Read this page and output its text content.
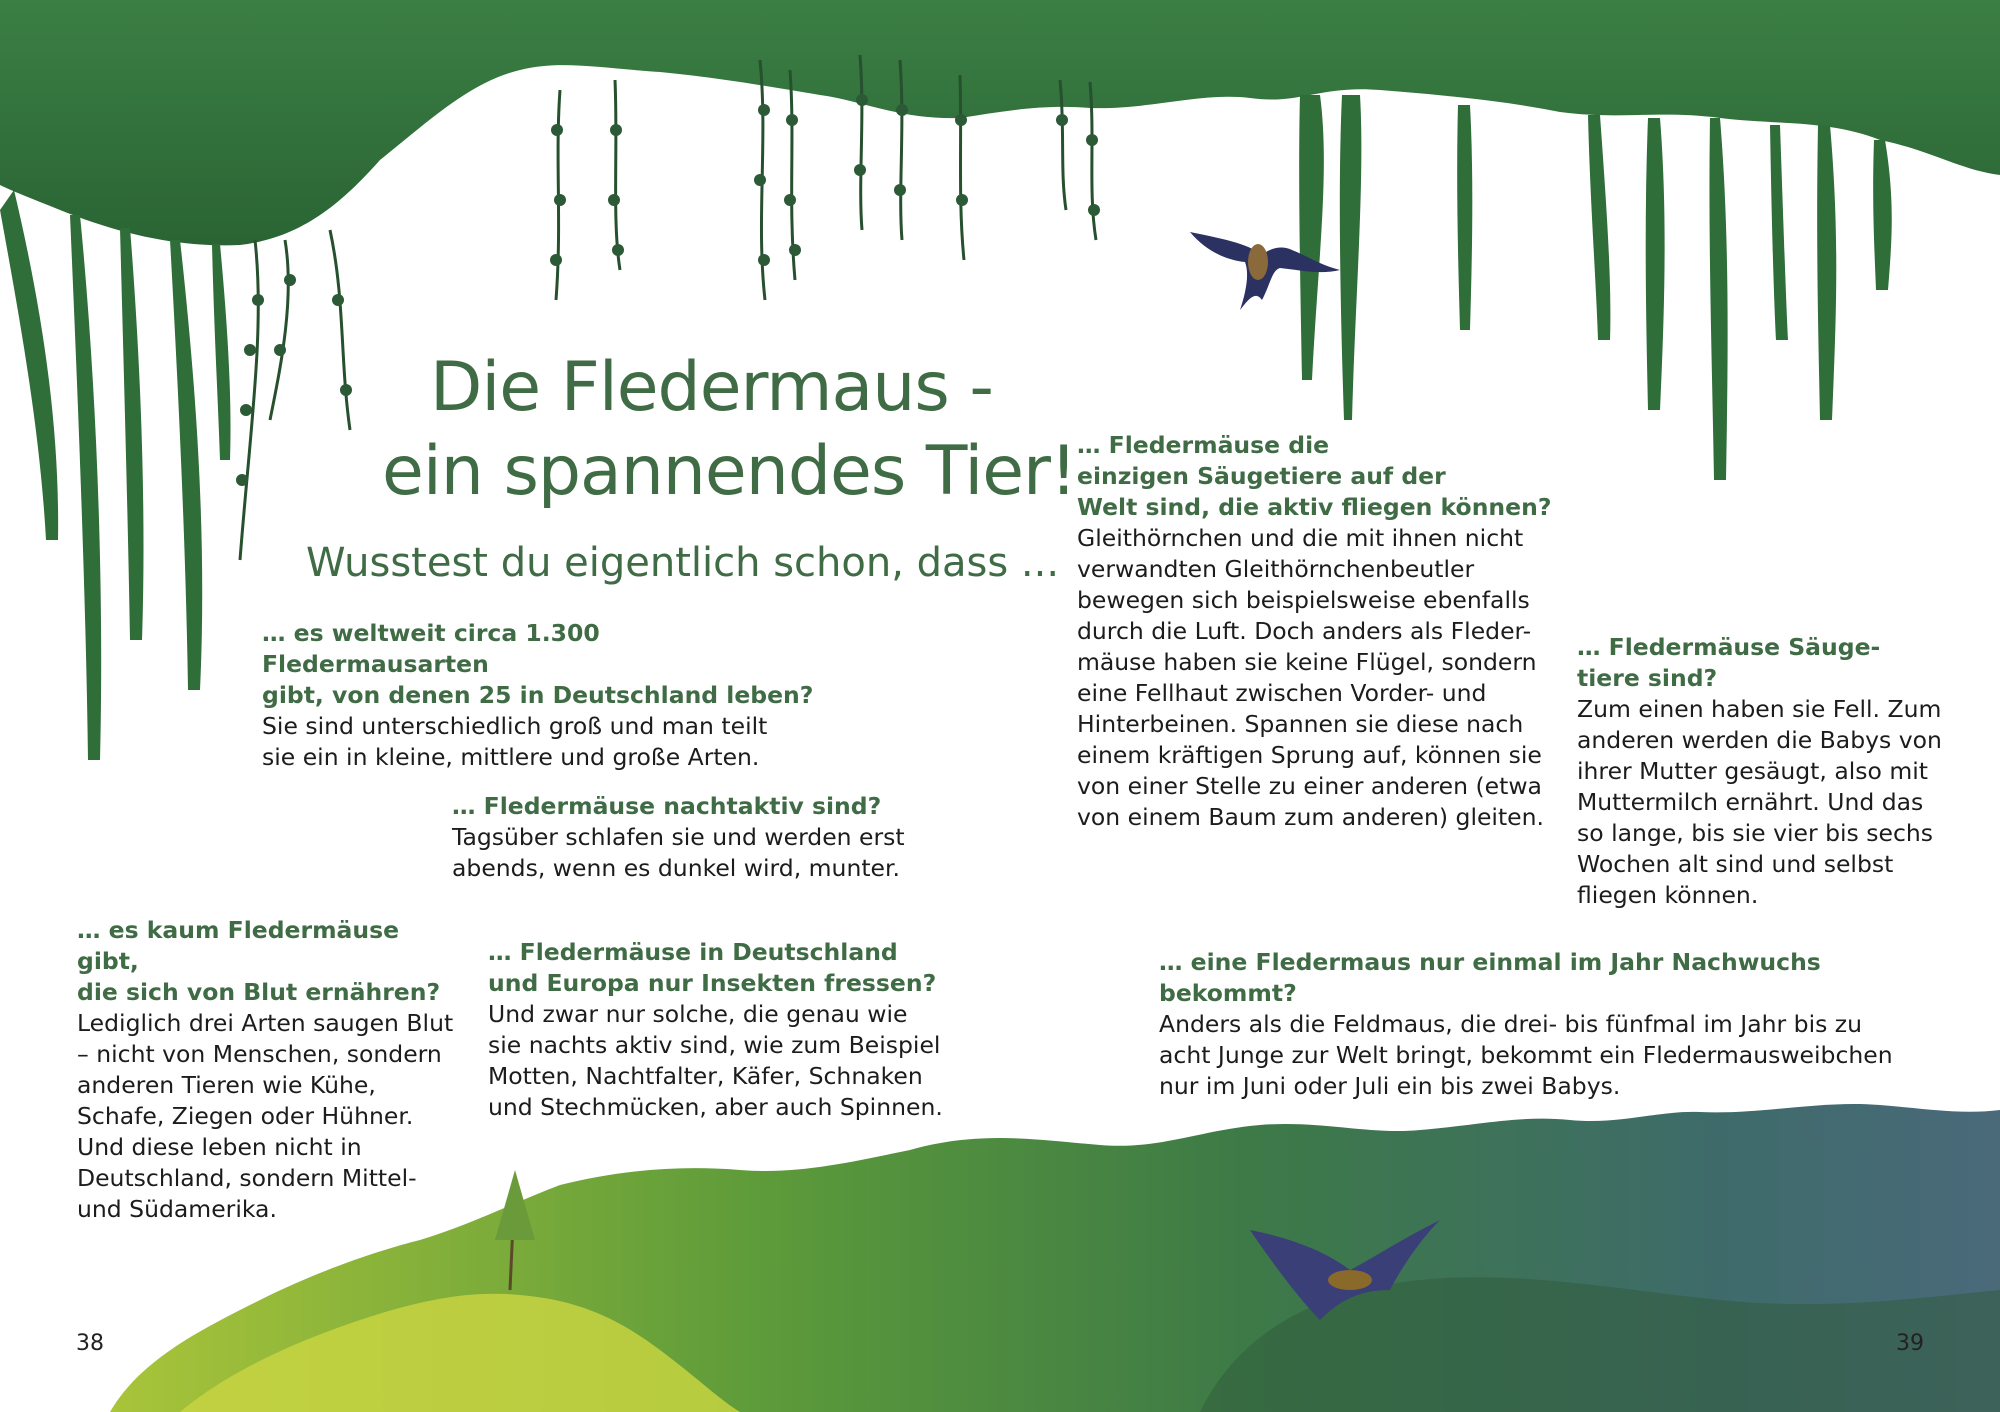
Die Fledermaus -
ein spannendes Tier!
Wusstest du eigentlich schon, dass ...
… es weltweit circa 1.300 Fledermausarten
gibt, von denen 25 in Deutschland leben?
Sie sind unterschiedlich groß und man teilt
sie ein in kleine, mittlere und große Arten.
… Fledermäuse nachtaktiv sind?
Tagsüber schlafen sie und werden erst
abends, wenn es dunkel wird, munter.
… es kaum Fledermäuse gibt,
die sich von Blut ernähren?
Lediglich drei Arten saugen Blut
– nicht von Menschen, sondern
anderen Tieren wie Kühe,
Schafe, Ziegen oder Hühner.
Und diese leben nicht in
Deutschland, sondern Mittel-
und Südamerika.
… Fledermäuse in Deutschland
und Europa nur Insekten fressen?
Und zwar nur solche, die genau wie
sie nachts aktiv sind, wie zum Beispiel
Motten, Nachtfalter, Käfer, Schnaken
und Stechmücken, aber auch Spinnen.
… Fledermäuse die
einzigen Säugetiere auf der
Welt sind, die aktiv fliegen können?
Gleithörnchen und die mit ihnen nicht
verwandten Gleithörnchenbeutler
bewegen sich beispielsweise ebenfalls
durch die Luft. Doch anders als Fleder-
mäuse haben sie keine Flügel, sondern
eine Fellhaut zwischen Vorder- und
Hinterbeinen. Spannen sie diese nach
einem kräftigen Sprung auf, können sie
von einer Stelle zu einer anderen (etwa
von einem Baum zum anderen) gleiten.
… Fledermäuse Säuge-
tiere sind?
Zum einen haben sie Fell. Zum
anderen werden die Babys von
ihrer Mutter gesäugt, also mit
Muttermilch ernährt. Und das
so lange, bis sie vier bis sechs
Wochen alt sind und selbst
fliegen können.
… eine Fledermaus nur einmal im Jahr Nachwuchs bekommt?
Anders als die Feldmaus, die drei- bis fünfmal im Jahr bis zu
acht Junge zur Welt bringt, bekommt ein Fledermausweibchen
nur im Juni oder Juli ein bis zwei Babys.
38	39
